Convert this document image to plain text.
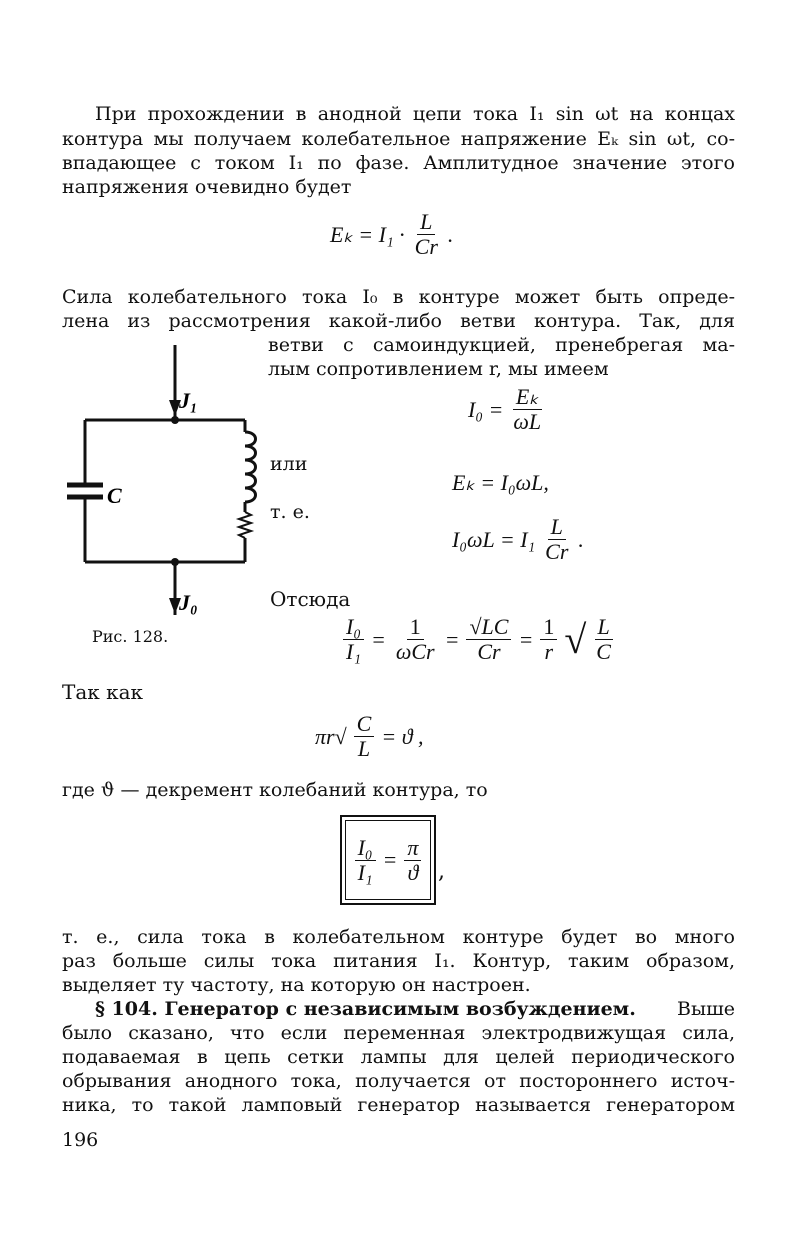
При прохождении в анодной цепи тока I₁ sin ωt на концах
контура мы получаем колебательное напряжение Eₖ sin ωt, со-
впадающее с током I₁ по фазе. Амплитудное значение этого
напряжения очевидно будет
$E_k = I_1 \cdot \frac{L}{Cr}$ .
Сила колебательного тока I₀ в контуре может быть опреде-
лена из рассмотрения какой-либо ветви контура. Так, для
ветви с самоиндукцией, пренебрегая ма-
лым сопротивлением r, мы имеем
$I_0 = \frac{\text{Eₖ}}{\omega L}$
или
Eₖ = I₀ωL,
т. е.
$I_0\omega L = I_1 \frac{L}{Cr}$ .
Отсюда
$\frac{\text{I₀}}{\text{I₁}} = \frac{1}{\text{ωCr}} = \frac{√LC}{Cr} = \frac{1}{r}$ √ $\frac{L}{C}$
J₁
C
J₀
Рис. 128.
Так как
$\pi r√ \frac{C}{L} = ϑ$ ,
где ϑ — декремент колебаний контура, то
$\frac{\text{I₀}}{\text{I₁}} = \frac{\pi}{ϑ}$ ,
т. е., сила тока в колебательном контуре будет во много
раз больше силы тока питания I₁. Контур, таким образом,
выделяет ту частоту, на которую он настроен.
§ 104. Генератор с независимым возбуждением. Выше
было сказано, что если переменная электродвижущая сила,
подаваемая в цепь сетки лампы для целей периодического
обрывания анодного тока, получается от постороннего источ-
ника, то такой ламповый генератор называется генератором
196
